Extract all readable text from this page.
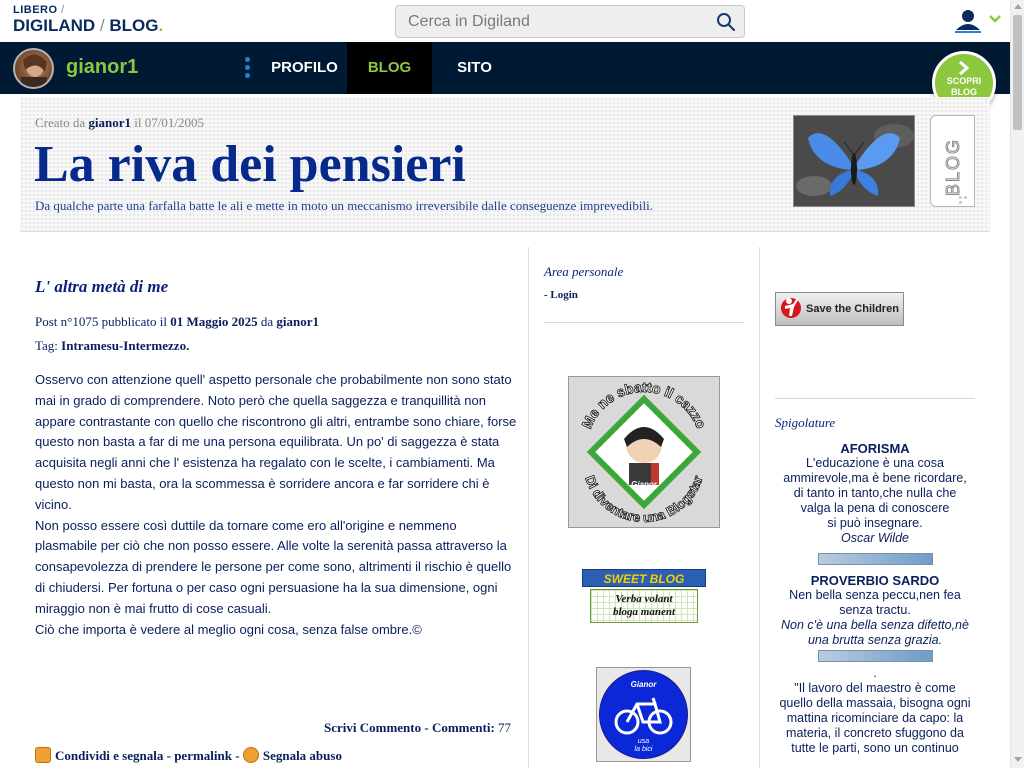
LIBERO /
DIGILAND / BLOG.
Cerca in Digiland
gianor1	PROFILO	BLOG	SITO
SCOPRI
BLOG
Creato da gianor1 il 07/01/2005
La riva dei pensieri
Da qualche parte una farfalla batte le ali e mette in moto un meccanismo irreversibile dalle conseguenze imprevedibili.
BLOG
L' altra metà di me
Post n°1075 pubblicato il 01 Maggio 2025 da gianor1
Tag: Intramesu-Intermezzo.

Osservo con attenzione quell' aspetto personale che probabilmente non sono stato mai in grado di comprendere. Noto però che quella saggezza e tranquillità non appare contrastante con quello che riscontrono gli altri, entrambe sono chiare, forse questo non basta a far di me una persona equilibrata. Un po' di saggezza è stata acquisita negli anni che l' esistenza ha regalato con le scelte, i cambiamenti. Ma questo non mi basta, ora la scommessa è sorridere ancora e far sorridere chi è vicino.

Non posso essere così duttile da tornare come ero all'origine e nemmeno plasmabile per ciò che non posso essere. Alle volte la serenità passa attraverso la consapevolezza di prendere le persone per come sono, altrimenti il rischio è quello di chiudersi. Per fortuna o per caso ogni persuasione ha la sua dimensione, ogni miraggio non è mai frutto di cose casuali.

Ciò che importa è vedere al meglio ogni cosa, senza false ombre.©

Scrivi Commento - Commenti: 77
Condividi e segnala - permalink - Segnala abuso
Area personale
- Login
Me ne sbatto il cazzo
Di diventare una Blogstar
Gianor
SWEET BLOG
Verba volant
bloga manent
Gianor
usa
la bici
Save the Children
Spigolature
AFORISMA
L'educazione è una cosa
ammirevole,ma è bene ricordare,
di tanto in tanto,che nulla che
valga la pena di conoscere
si può insegnare.
Oscar Wilde
PROVERBIO SARDO
Nen bella senza peccu,nen fea
senza tractu.
Non c'è una bella senza difetto,nè
una brutta senza grazia.
.
"Il lavoro del maestro è come
quello della massaia, bisogna ogni
mattina ricominciare da capo: la
materia, il concreto sfuggono da
tutte le parti, sono un continuo
